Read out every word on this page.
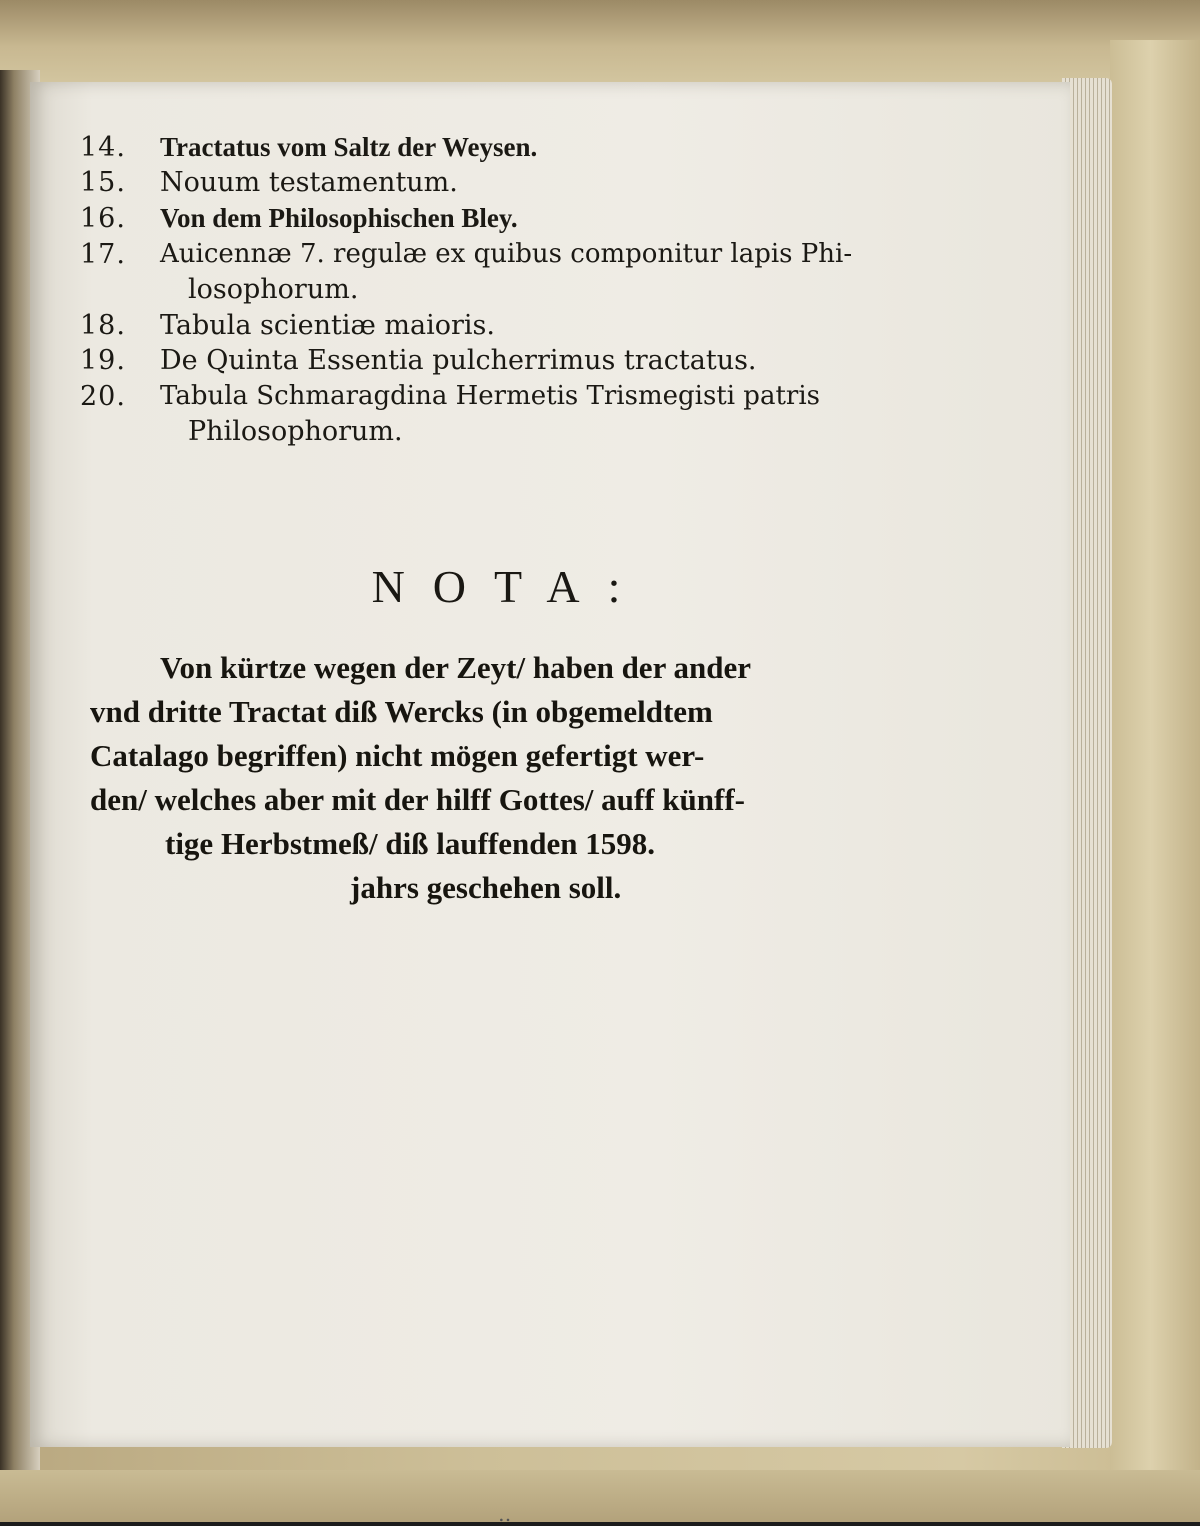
14. Tractatus vom Saltz der Weysen.
15. Nouum testamentum.
16. Von dem Philosophischen Bley.
17. Auicennæ 7. regulæ ex quibus componitur lapis Phi-
losophorum.
18. Tabula scientiæ maioris.
19. De Quinta Essentia pulcherrimus tractatus.
20. Tabula Schmaragdina Hermetis Trismegisti patris
Philosophorum.
NOTA:
Von kürtze wegen der Zeyt/ haben der ander
vnd dritte Tractat diß Wercks (in obgemeldtem
Catalago begriffen) nicht mögen gefertigt wer-
den/ welches aber mit der hilff Gottes/ auff künff-
tige Herbstmeß/ diß lauffenden 1598.
jahrs geschehen soll.
‥
